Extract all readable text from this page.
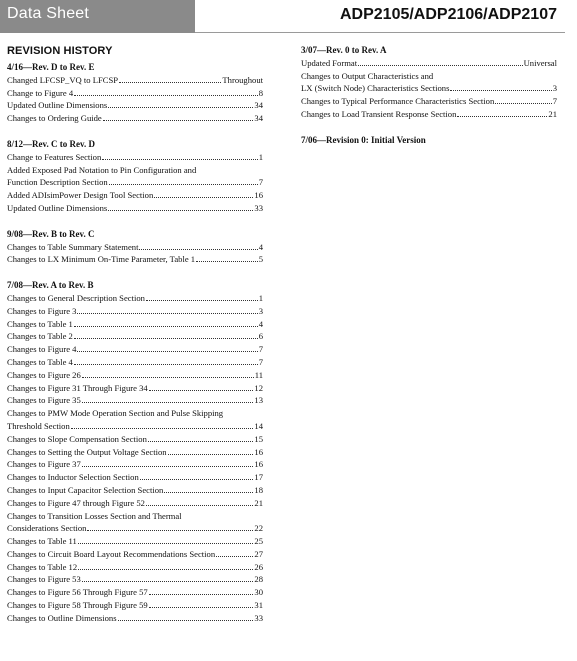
Data Sheet	ADP2105/ADP2106/ADP2107
REVISION HISTORY
4/16—Rev. D to Rev. E
Changed LFCSP_VQ to LFCSP	Throughout
Change to Figure 4	8
Updated Outline Dimensions	34
Changes to Ordering Guide	34
8/12—Rev. C to Rev. D
Change to Features Section	1
Added Exposed Pad Notation to Pin Configuration and
Function Description Section	7
Added ADIsimPower Design Tool Section	16
Updated Outline Dimensions	33
9/08—Rev. B to Rev. C
Changes to Table Summary Statement	4
Changes to LX Minimum On-Time Parameter, Table 1	5
7/08—Rev. A to Rev. B
Changes to General Description Section	1
Changes to Figure 3	3
Changes to Table 1	4
Changes to Table 2	6
Changes to Figure 4	7
Changes to Table 4	7
Changes to Figure 26	11
Changes to Figure 31 Through Figure 34	12
Changes to Figure 35	13
Changes to PMW Mode Operation Section and Pulse Skipping
Threshold Section	14
Changes to Slope Compensation Section	15
Changes to Setting the Output Voltage Section	16
Changes to Figure 37	16
Changes to Inductor Selection Section	17
Changes to Input Capacitor Selection Section	18
Changes to Figure 47 through Figure 52	21
Changes to Transition Losses Section and Thermal
Considerations Section	22
Changes to Table 11	25
Changes to Circuit Board Layout Recommendations Section	27
Changes to Table 12	26
Changes to Figure 53	28
Changes to Figure 56 Through Figure 57	30
Changes to Figure 58 Through Figure 59	31
Changes to Outline Dimensions	33
3/07—Rev. 0 to Rev. A
Updated Format	Universal
Changes to Output Characteristics and
LX (Switch Node) Characteristics Sections	3
Changes to Typical Performance Characteristics Section	7
Changes to Load Transient Response Section	21
7/06—Revision 0: Initial Version
